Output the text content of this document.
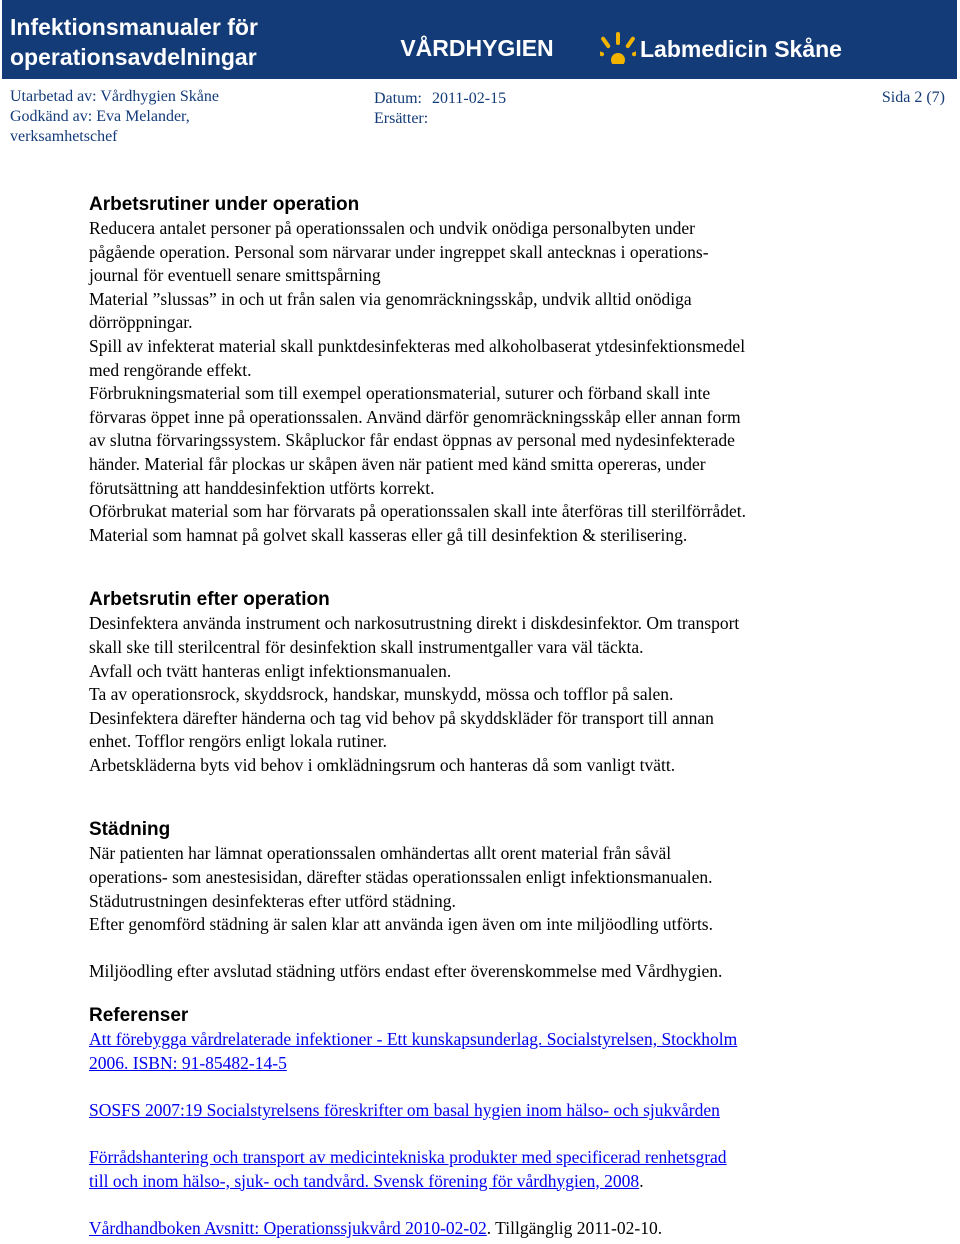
Infektionsmanualer för
operationsavdelningar	VÅRDHYGIEN	Labmedicin Skåne
Utarbetad av: Vårdhygien Skåne
Godkänd av: Eva Melander,
verksamhetschef
Datum: 2011-02-15
Ersätter:
Sida 2 (7)
Arbetsrutiner under operation

Reducera antalet personer på operationssalen och undvik onödiga personalbyten under

pågående operation. Personal som närvarar under ingreppet skall antecknas i operations-

journal för eventuell senare smittspårning

Material ”slussas” in och ut från salen via genomräckningsskåp, undvik alltid onödiga

dörröppningar.

Spill av infekterat material skall punktdesinfekteras med alkoholbaserat ytdesinfektionsmedel

med rengörande effekt.

Förbrukningsmaterial som till exempel operationsmaterial, suturer och förband skall inte

förvaras öppet inne på operationssalen. Använd därför genomräckningsskåp eller annan form

av slutna förvaringssystem. Skåpluckor får endast öppnas av personal med nydesinfekterade

händer. Material får plockas ur skåpen även när patient med känd smitta opereras, under

förutsättning att handdesinfektion utförts korrekt.

Oförbrukat material som har förvarats på operationssalen skall inte återföras till sterilförrådet.

Material som hamnat på golvet skall kasseras eller gå till desinfektion & sterilisering.

Arbetsrutin efter operation

Desinfektera använda instrument och narkosutrustning direkt i diskdesinfektor. Om transport

skall ske till sterilcentral för desinfektion skall instrumentgaller vara väl täckta.

Avfall och tvätt hanteras enligt infektionsmanualen.

Ta av operationsrock, skyddsrock, handskar, munskydd, mössa och tofflor på salen.

Desinfektera därefter händerna och tag vid behov på skyddskläder för transport till annan

enhet. Tofflor rengörs enligt lokala rutiner.

Arbetskläderna byts vid behov i omklädningsrum och hanteras då som vanligt tvätt.

Städning

När patienten har lämnat operationssalen omhändertas allt orent material från såväl

operations- som anestesisidan, därefter städas operationssalen enligt infektionsmanualen.

Städutrustningen desinfekteras efter utförd städning.

Efter genomförd städning är salen klar att använda igen även om inte miljöodling utförts.

Miljöodling efter avslutad städning utförs endast efter överenskommelse med Vårdhygien.

Referenser

Att förebygga vårdrelaterade infektioner - Ett kunskapsunderlag. Socialstyrelsen, Stockholm

2006. ISBN: 91-85482-14-5

SOSFS 2007:19 Socialstyrelsens föreskrifter om basal hygien inom hälso- och sjukvården

Förrådshantering och transport av medicintekniska produkter med specificerad renhetsgrad

till och inom hälso-, sjuk- och tandvård. Svensk förening för vårdhygien, 2008.

Vårdhandboken Avsnitt: Operationssjukvård 2010-02-02. Tillgänglig 2011-02-10.
